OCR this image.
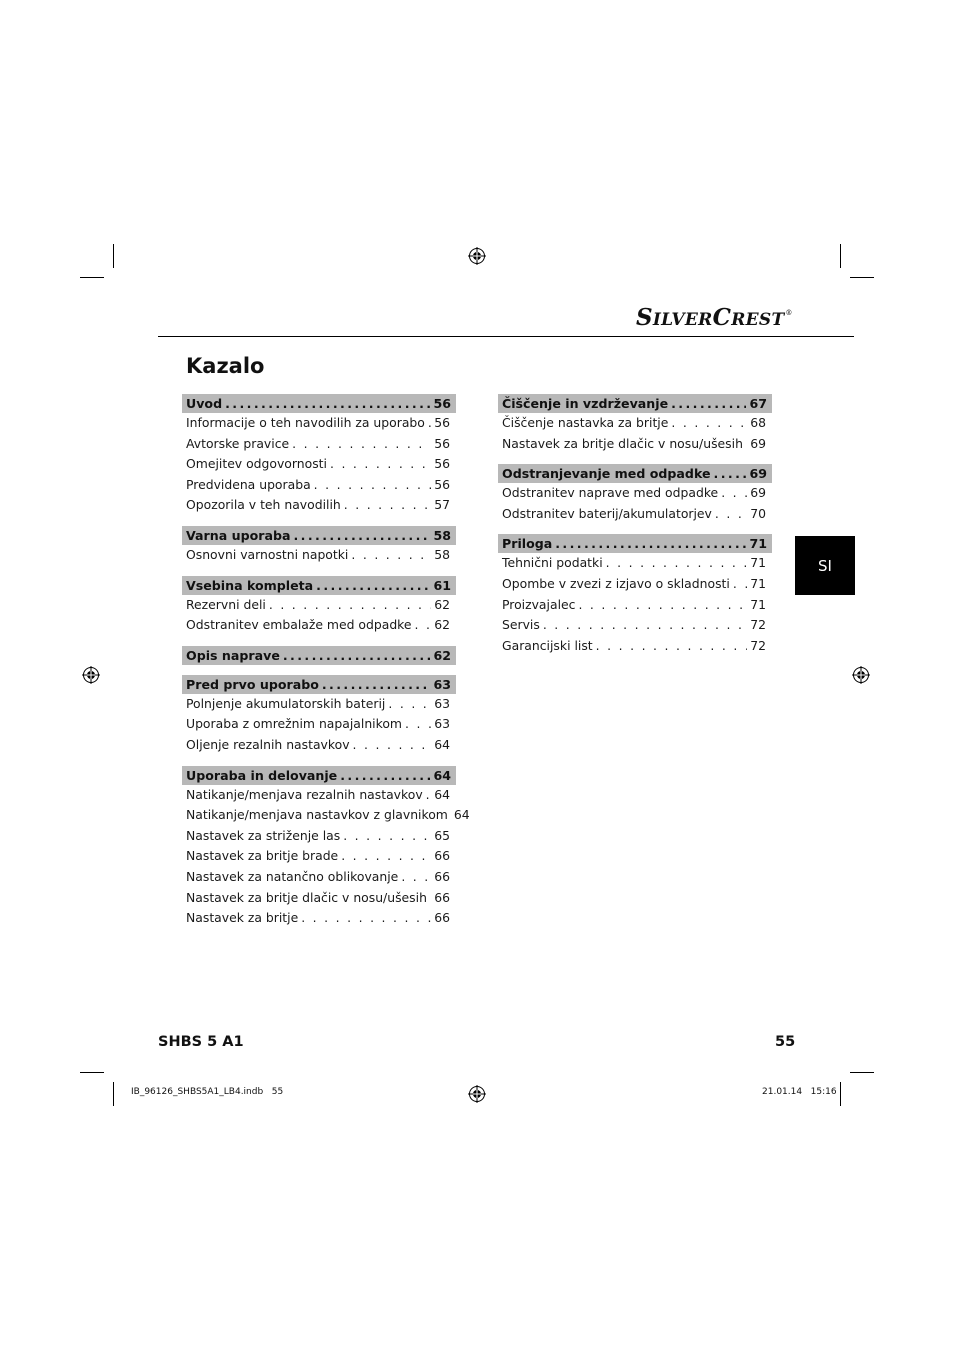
SILVERCREST®
Kazalo
Uvod .....	56
Informacije o teh navodilih za uporabo . . . 56
Avtorske pravice . . .	56
Omejitev odgovornosti . . .	56
Predvidena uporaba . . .	56
Opozorila v teh navodilih . . .	57
Varna uporaba .....	58
Osnovni varnostni napotki . . .	58
Vsebina kompleta .....	61
Rezervni deli . . .	62
Odstranitev embalaže med odpadke . . . 62
Opis naprave .....	62
Pred prvo uporabo .....	63
Polnjenje akumulatorskih baterij . . .	63
Uporaba z omrežnim napajalnikom . . .	63
Oljenje rezalnih nastavkov . . .	64
Uporaba in delovanje .....	64
Natikanje/menjava rezalnih nastavkov . . . 64
Natikanje/menjava nastavkov z glavnikom 64
Nastavek za striženje las . . .	65
Nastavek za britje brade . . .	66
Nastavek za natančno oblikovanje . . .	66
Nastavek za britje dlačic v nosu/ušesih . . . 66
Nastavek za britje . . .	66
Čiščenje in vzdrževanje .....	67
Čiščenje nastavka za britje . . .	68
Nastavek za britje dlačic v nosu/ušesih . . . 69
Odstranjevanje med odpadke .....	69
Odstranitev naprave med odpadke . . .	69
Odstranitev baterij/akumulatorjev . . .	70
Priloga .....	71
Tehnični podatki . . .	71
Opombe v zvezi z izjavo o skladnosti . . . 71
Proizvajalec . . .	71
Servis . . .	72
Garancijski list . . .	72
SI
SHBS 5 A1	55
IB_96126_SHBS5A1_LB4.indb   55	21.01.14   15:16
